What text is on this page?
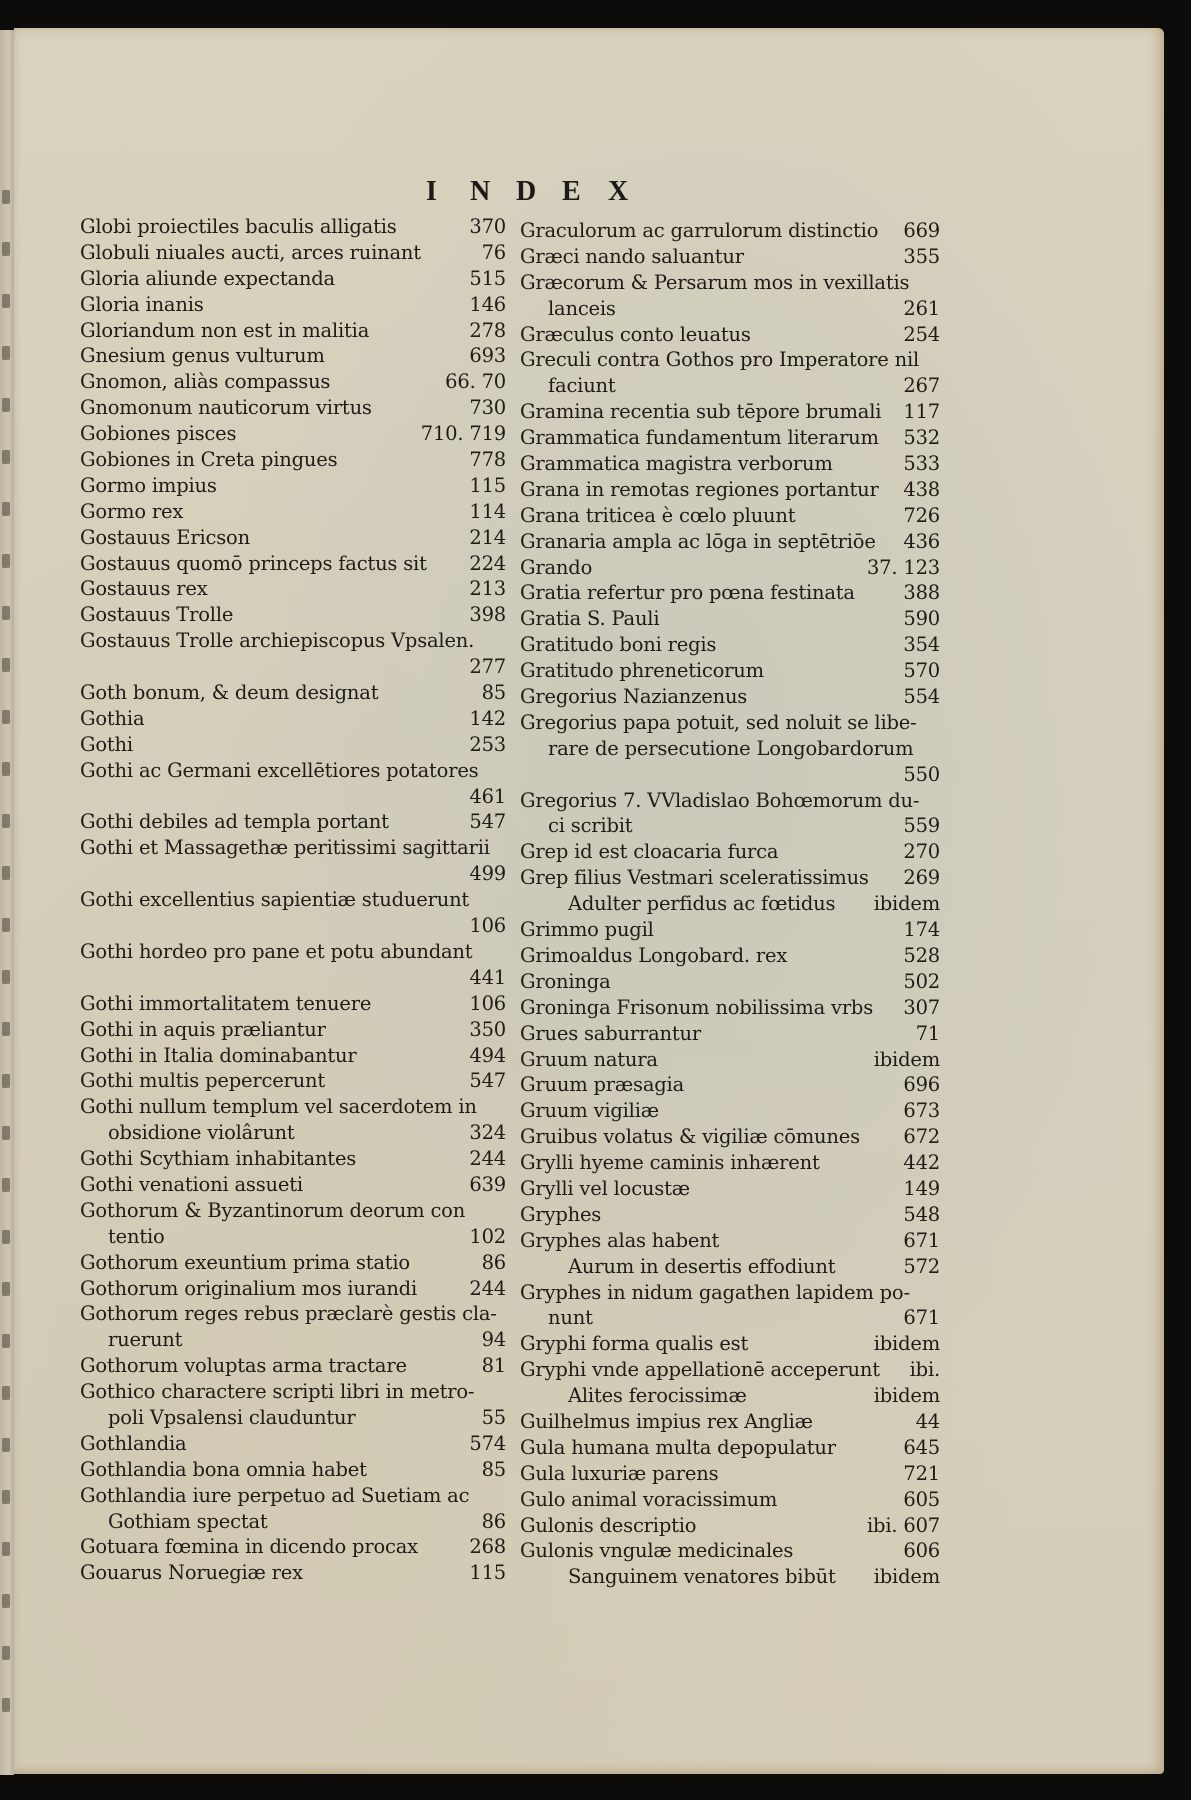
I N D E X
Globi proiectiles baculis alligatis	370
Globuli niuales aucti, arces ruinant	76
Gloria aliunde expectanda	515
Gloria inanis	146
Gloriandum non est in malitia	278
Gnesium genus vulturum	693
Gnomon, aliàs compassus	66. 70
Gnomonum nauticorum virtus	730
Gobiones pisces	710. 719
Gobiones in Creta pingues	778
Gormo impius	115
Gormo rex	114
Gostauus Ericson	214
Gostauus quomō princeps factus sit 224
Gostauus rex	213
Gostauus Trolle	398
Gostauus Trolle archiepiscopus Vpsalen.
277
Goth bonum, & deum designat	85
Gothia	142
Gothi	253
Gothi ac Germani excellētiores potatores
461
Gothi debiles ad templa portant	547
Gothi et Massagethæ peritissimi sagittarii
499
Gothi excellentius sapientiæ studuerunt
106
Gothi hordeo pro pane et potu abundant
441
Gothi immortalitatem tenuere	106
Gothi in aquis præliantur	350
Gothi in Italia dominabantur	494
Gothi multis pepercerunt	547
Gothi nullum templum vel sacerdotem in
obsidione violârunt	324
Gothi Scythiam inhabitantes	244
Gothi venationi assueti	639
Gothorum & Byzantinorum deorum con
tentio	102
Gothorum exeuntium prima statio	86
Gothorum originalium mos iurandi	244
Gothorum reges rebus præclarè gestis cla-
ruerunt	94
Gothorum voluptas arma tractare	81
Gothico charactere scripti libri in metro-
poli Vpsalensi clauduntur	55
Gothlandia	574
Gothlandia bona omnia habet	85
Gothlandia iure perpetuo ad Suetiam ac
Gothiam spectat	86
Gotuara fœmina in dicendo procax	268
Gouarus Noruegiæ rex	115
Graculorum ac garrulorum distinctio 669
Græci nando saluantur	355
Græcorum & Persarum mos in vexillatis
lanceis	261
Græculus conto leuatus	254
Greculi contra Gothos pro Imperatore nil
faciunt	267
Gramina recentia sub tēpore brumali 117
Grammatica fundamentum literarum 532
Grammatica magistra verborum	533
Grana in remotas regiones portantur 438
Grana triticea è cœlo pluunt	726
Granaria ampla ac lōga in septētriōe 436
Grando	37. 123
Gratia refertur pro pœna festinata 388
Gratia S. Pauli	590
Gratitudo boni regis	354
Gratitudo phreneticorum	570
Gregorius Nazianzenus	554
Gregorius papa potuit, sed noluit se libe-
rare de persecutione Longobardorum
550
Gregorius 7. VVladislao Bohœmorum du-
ci scribit	559
Grep id est cloacaria furca	270
Grep filius Vestmari sceleratissimus 269
Adulter perfidus ac fœtidus ibidem
Grimmo pugil	174
Grimoaldus Longobard. rex	528
Groninga	502
Groninga Frisonum nobilissima vrbs 307
Grues saburrantur	71
Gruum natura	ibidem
Gruum præsagia	696
Gruum vigiliæ	673
Gruibus volatus & vigiliæ cōmunes 672
Grylli hyeme caminis inhærent	442
Grylli vel locustæ	149
Gryphes	548
Gryphes alas habent	671
Aurum in desertis effodiunt	572
Gryphes in nidum gagathen lapidem po-
nunt	671
Gryphi forma qualis est	ibidem
Gryphi vnde appellationē acceperunt ibi.
Alites ferocissimæ	ibidem
Guilhelmus impius rex Angliæ	44
Gula humana multa depopulatur	645
Gula luxuriæ parens	721
Gulo animal voracissimum	605
Gulonis descriptio	ibi. 607
Gulonis vngulæ medicinales	606
Sanguinem venatores bibūt ibidem
